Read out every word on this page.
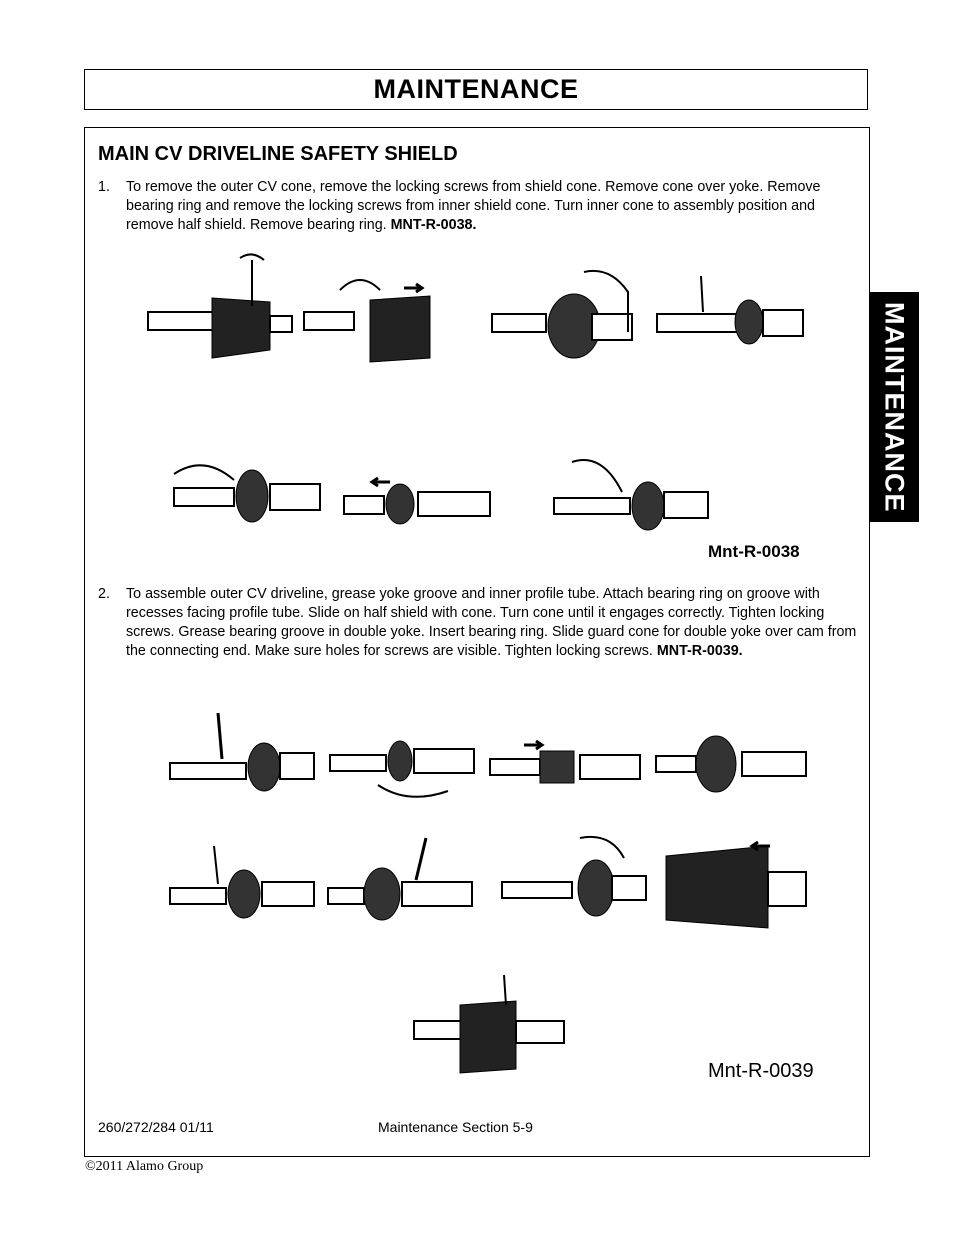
MAINTENANCE
MAINTENANCE
MAIN CV DRIVELINE SAFETY SHIELD
1. To remove the outer CV cone, remove the locking screws from shield cone. Remove cone over yoke. Remove bearing ring and remove the locking screws from inner shield cone. Turn inner cone to assembly position and remove half shield. Remove bearing ring. MNT-R-0038.
Mnt-R-0038
2. To assemble outer CV driveline, grease yoke groove and inner profile tube. Attach bearing ring on groove with recesses facing profile tube. Slide on half shield with cone. Turn cone until it engages correctly. Tighten locking screws. Grease bearing groove in double yoke. Insert bearing ring. Slide guard cone for double yoke over cam from the connecting end. Make sure holes for screws are visible. Tighten locking screws. MNT-R-0039.
Mnt-R-0039
260/272/284 01/11	Maintenance Section 5-9
©2011 Alamo Group
